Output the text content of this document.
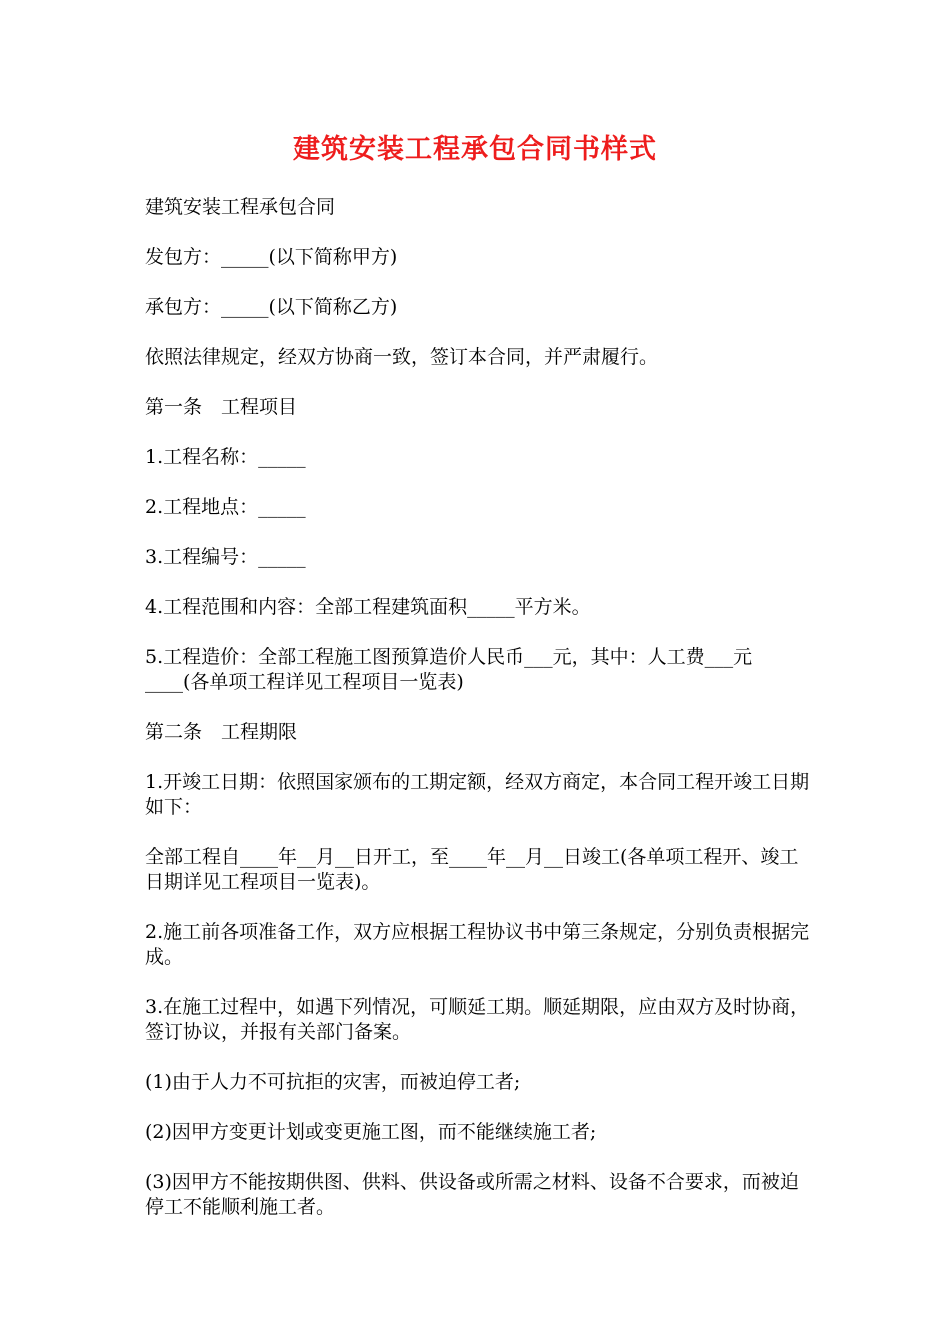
建筑安装工程承包合同书样式

建筑安装工程承包合同

发包方：_____(以下简称甲方)

承包方：_____(以下简称乙方)

依照法律规定，经双方协商一致，签订本合同，并严肃履行。

第一条　工程项目

1.工程名称：_____

2.工程地点：_____

3.工程编号：_____

4.工程范围和内容：全部工程建筑面积_____平方米。

5.工程造价：全部工程施工图预算造价人民币___元，其中：人工费___元____(各单项工程详见工程项目一览表)

第二条　工程期限

1.开竣工日期：依照国家颁布的工期定额，经双方商定，本合同工程开竣工日期如下：

全部工程自____年__月__日开工，至____年__月__日竣工(各单项工程开、竣工日期详见工程项目一览表)。

2.施工前各项准备工作，双方应根据工程协议书中第三条规定，分别负责根据完成。

3.在施工过程中，如遇下列情况，可顺延工期。顺延期限，应由双方及时协商，签订协议，并报有关部门备案。

(1)由于人力不可抗拒的灾害，而被迫停工者;

(2)因甲方变更计划或变更施工图，而不能继续施工者;

(3)因甲方不能按期供图、供料、供设备或所需之材料、设备不合要求，而被迫停工不能顺利施工者。
